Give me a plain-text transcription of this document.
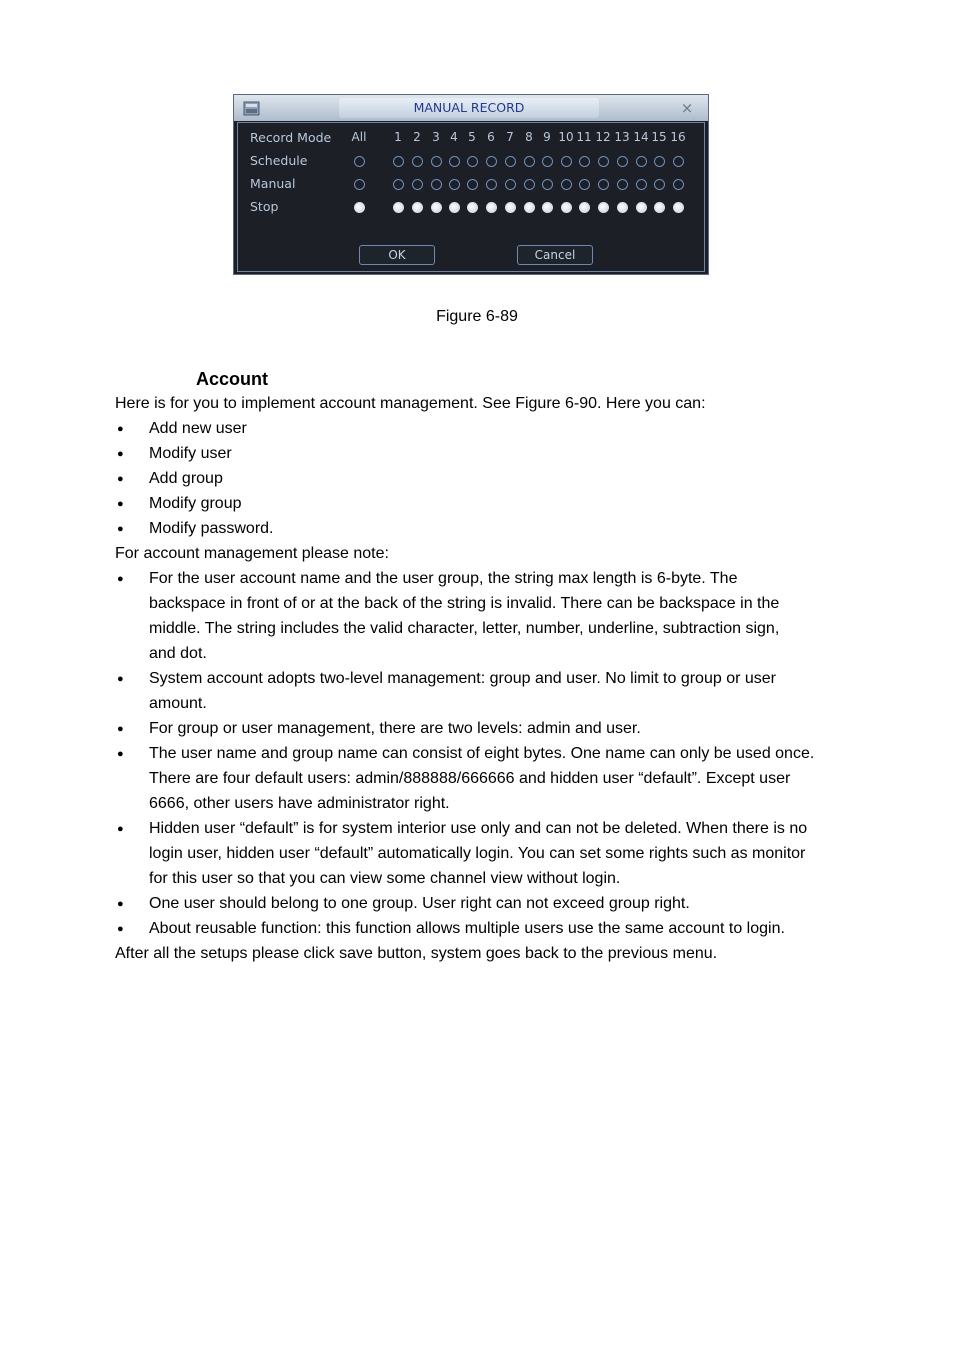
MANUAL RECORD	×
Record Mode All	1 2 3 4 5 6 7 8 9 10 11 12 13 14 15 16
Schedule
Manual
Stop
OK	Cancel
Figure 6-89
Account
Here is for you to implement account management. See Figure 6-90. Here you can:
● Add new user
● Modify user
● Add group
● Modify group
● Modify password.
For account management please note:
● For the user account name and the user group, the string max length is 6-byte. The
backspace in front of or at the back of the string is invalid. There can be backspace in the
middle. The string includes the valid character, letter, number, underline, subtraction sign,
and dot.
● System account adopts two-level management: group and user. No limit to group or user
amount.
● For group or user management, there are two levels: admin and user.
● The user name and group name can consist of eight bytes. One name can only be used once.
There are four default users: admin/888888/666666 and hidden user “default”. Except user
6666, other users have administrator right.
● Hidden user “default” is for system interior use only and can not be deleted. When there is no
login user, hidden user “default” automatically login. You can set some rights such as monitor
for this user so that you can view some channel view without login.
● One user should belong to one group. User right can not exceed group right.
● About reusable function: this function allows multiple users use the same account to login.
After all the setups please click save button, system goes back to the previous menu.
